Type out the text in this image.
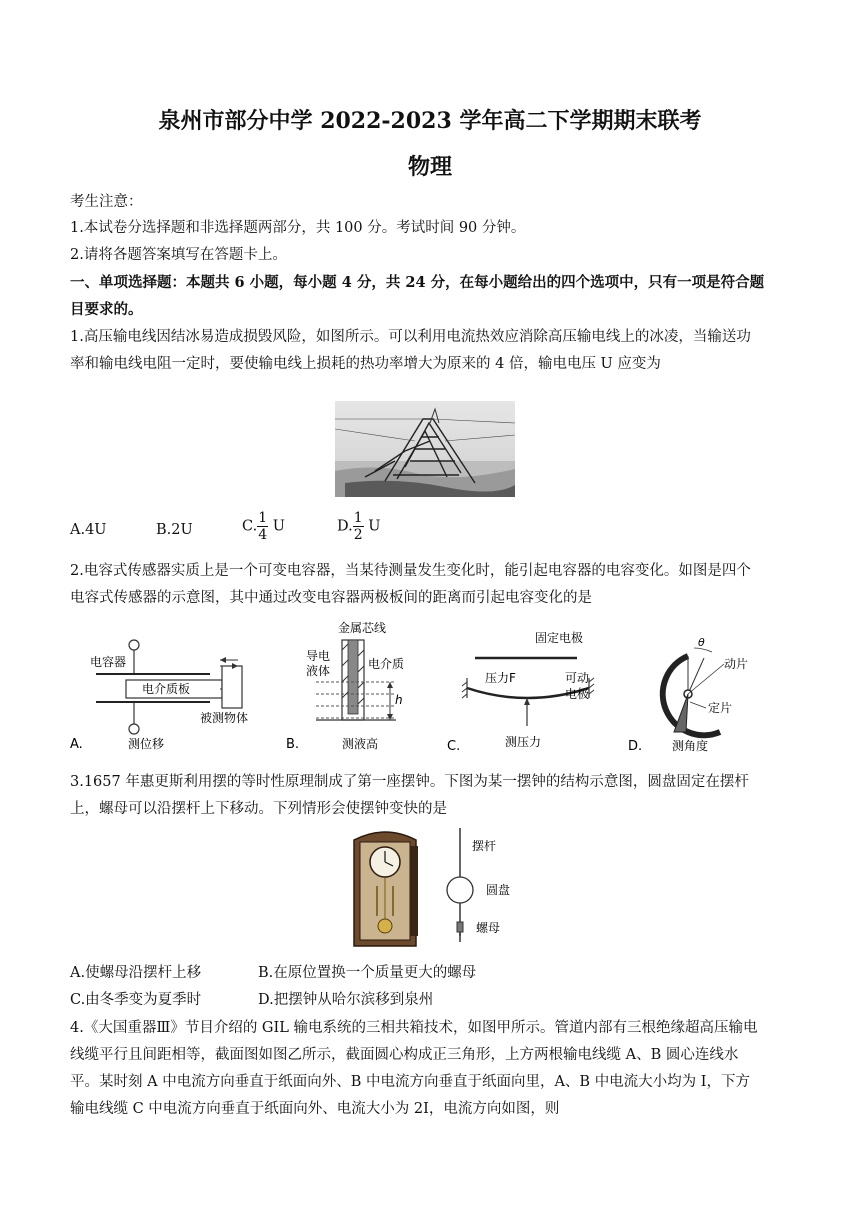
泉州市部分中学 2022-2023 学年高二下学期期末联考
物理
考生注意：
1.本试卷分选择题和非选择题两部分，共 100 分。考试时间 90 分钟。
2.请将各题答案填写在答题卡上。
一、单项选择题：本题共 6 小题，每小题 4 分，共 24 分，在每小题给出的四个选项中，只有一项是符合题
目要求的。
1.高压输电线因结冰易造成损毁风险，如图所示。可以利用电流热效应消除高压输电线上的冰凌，当输送功
率和输电线电阻一定时，要使输电线上损耗的热功率增大为原来的 4 倍，输电电压 U 应变为
A.4U	B.2U	C. $\frac{1}{4}$ U	D. $\frac{1}{2}$ U
2.电容式传感器实质上是一个可变电容器，当某待测量发生变化时，能引起电容器的电容变化。如图是四个
电容式传感器的示意图，其中通过改变电容器两极板间的距离而引起电容变化的是
A.
电容器
电介质板
被测物体
测位移	B.
金属芯线
导电
液体	电介质
h
测液高	C.
固定电极
压力F	可动
电极
测压力	D.
θ
动片
定片
测角度
3.1657 年惠更斯利用摆的等时性原理制成了第一座摆钟。下图为某一摆钟的结构示意图，圆盘固定在摆杆
上，螺母可以沿摆杆上下移动。下列情形会使摆钟变快的是
摆杆
圆盘
螺母
A.使螺母沿摆杆上移	B.在原位置换一个质量更大的螺母
C.由冬季变为夏季时	D.把摆钟从哈尔滨移到泉州
4.《大国重器Ⅲ》节目介绍的 GIL 输电系统的三相共箱技术，如图甲所示。管道内部有三根绝缘超高压输电
线缆平行且间距相等，截面图如图乙所示，截面圆心构成正三角形，上方两根输电线缆 A、B 圆心连线水
平。某时刻 A 中电流方向垂直于纸面向外、B 中电流方向垂直于纸面向里，A、B 中电流大小均为 I，下方
输电线缆 C 中电流方向垂直于纸面向外、电流大小为 2I，电流方向如图，则
